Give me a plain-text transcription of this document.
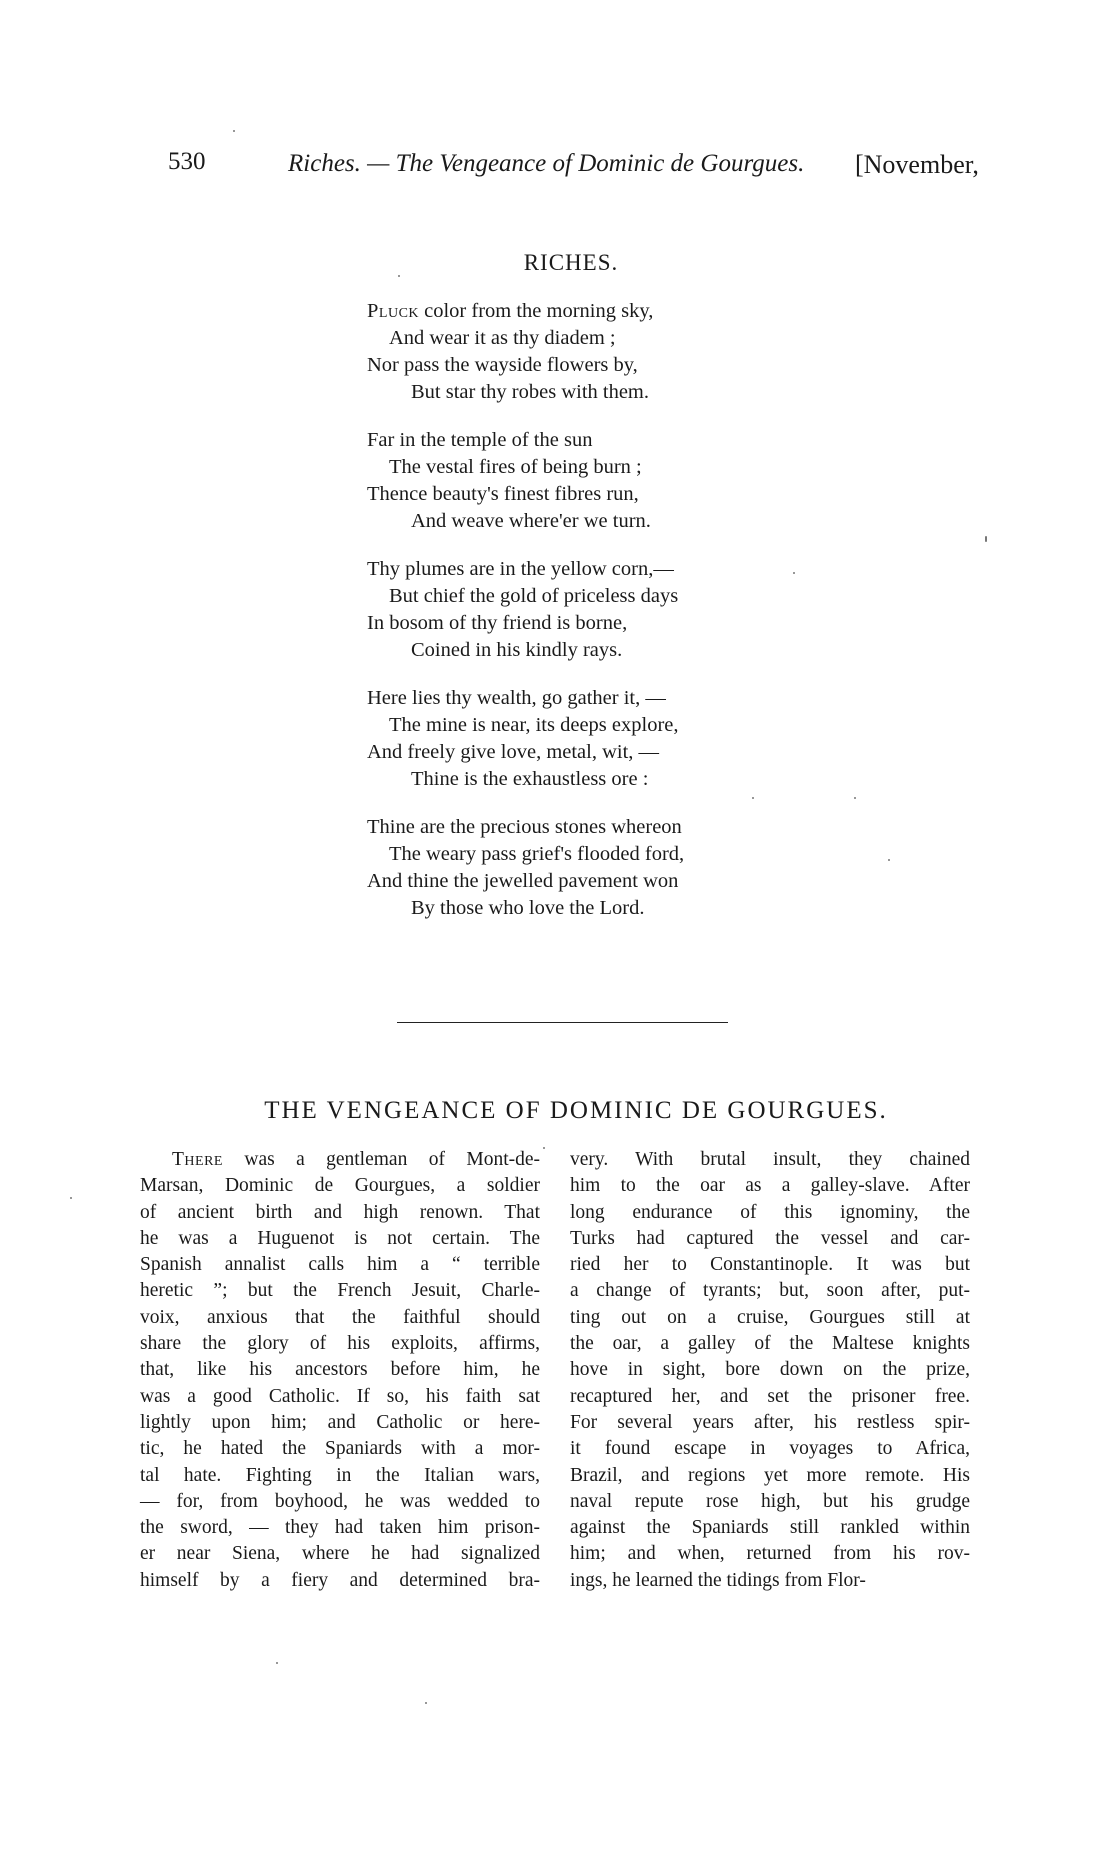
530	Riches. — The Vengeance of Dominic de Gourgues. [November,
RICHES.
Pluck color from the morning sky,
And wear it as thy diadem ;
Nor pass the wayside flowers by,
But star thy robes with them.
Far in the temple of the sun
The vestal fires of being burn ;
Thence beauty's finest fibres run,
And weave where'er we turn.
Thy plumes are in the yellow corn,—
But chief the gold of priceless days
In bosom of thy friend is borne,
Coined in his kindly rays.
Here lies thy wealth, go gather it, —
The mine is near, its deeps explore,
And freely give love, metal, wit, —
Thine is the exhaustless ore :
Thine are the precious stones whereon
The weary pass grief's flooded ford,
And thine the jewelled pavement won
By those who love the Lord.
THE VENGEANCE OF DOMINIC DE GOURGUES.
There was a gentleman of Mont-de-
Marsan, Dominic de Gourgues, a soldier
of ancient birth and high renown. That
he was a Huguenot is not certain. The
Spanish annalist calls him a “ terrible
heretic ”; but the French Jesuit, Charle-
voix, anxious that the faithful should
share the glory of his exploits, affirms,
that, like his ancestors before him, he
was a good Catholic. If so, his faith sat
lightly upon him; and Catholic or here-
tic, he hated the Spaniards with a mor-
tal hate. Fighting in the Italian wars,
— for, from boyhood, he was wedded to
the sword, — they had taken him prison-
er near Siena, where he had signalized
himself by a fiery and determined bra-
very. With brutal insult, they chained
him to the oar as a galley-slave. After
long endurance of this ignominy, the
Turks had captured the vessel and car-
ried her to Constantinople. It was but
a change of tyrants; but, soon after, put-
ting out on a cruise, Gourgues still at
the oar, a galley of the Maltese knights
hove in sight, bore down on the prize,
recaptured her, and set the prisoner free.
For several years after, his restless spir-
it found escape in voyages to Africa,
Brazil, and regions yet more remote. His
naval repute rose high, but his grudge
against the Spaniards still rankled within
him; and when, returned from his rov-
ings, he learned the tidings from Flor-
